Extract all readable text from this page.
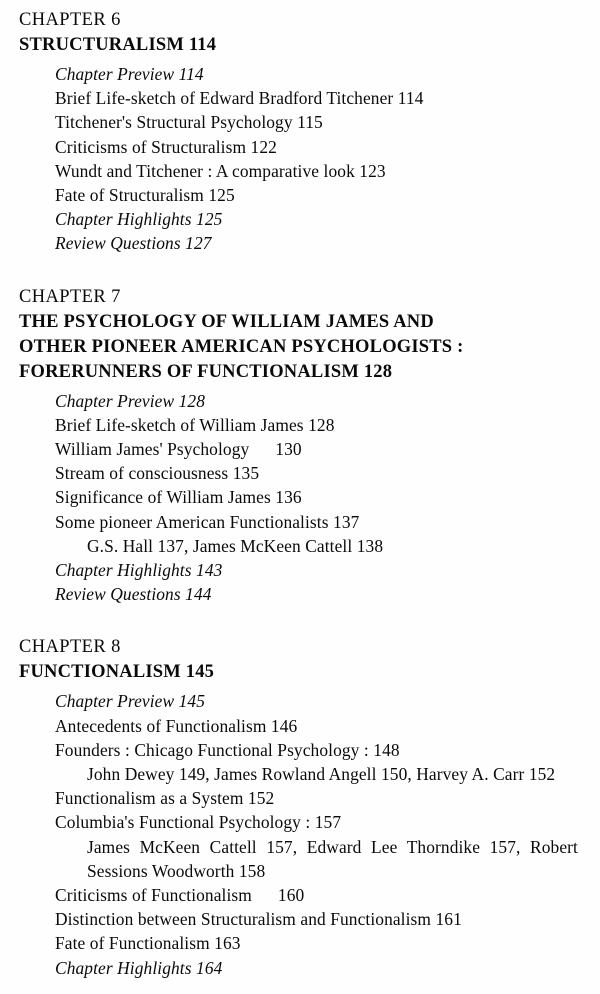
CHAPTER 6
STRUCTURALISM 114
Chapter Preview 114
Brief Life-sketch of Edward Bradford Titchener 114
Titchener's Structural Psychology 115
Criticisms of Structuralism 122
Wundt and Titchener : A comparative look 123
Fate of Structuralism 125
Chapter Highlights 125
Review Questions 127
CHAPTER 7
THE PSYCHOLOGY OF WILLIAM JAMES AND
OTHER PIONEER AMERICAN PSYCHOLOGISTS :
FORERUNNERS OF FUNCTIONALISM 128
Chapter Preview 128
Brief Life-sketch of William James 128
William James' Psychology 130
Stream of consciousness 135
Significance of William James 136
Some pioneer American Functionalists 137
G.S. Hall 137, James McKeen Cattell 138
Chapter Highlights 143
Review Questions 144
CHAPTER 8
FUNCTIONALISM 145
Chapter Preview 145
Antecedents of Functionalism 146
Founders : Chicago Functional Psychology : 148
John Dewey 149, James Rowland Angell 150, Harvey A. Carr 152
Functionalism as a System 152
Columbia's Functional Psychology : 157
James McKeen Cattell 157, Edward Lee Thorndike 157, Robert Sessions Woodworth 158
Criticisms of Functionalism 160
Distinction between Structuralism and Functionalism 161
Fate of Functionalism 163
Chapter Highlights 164
